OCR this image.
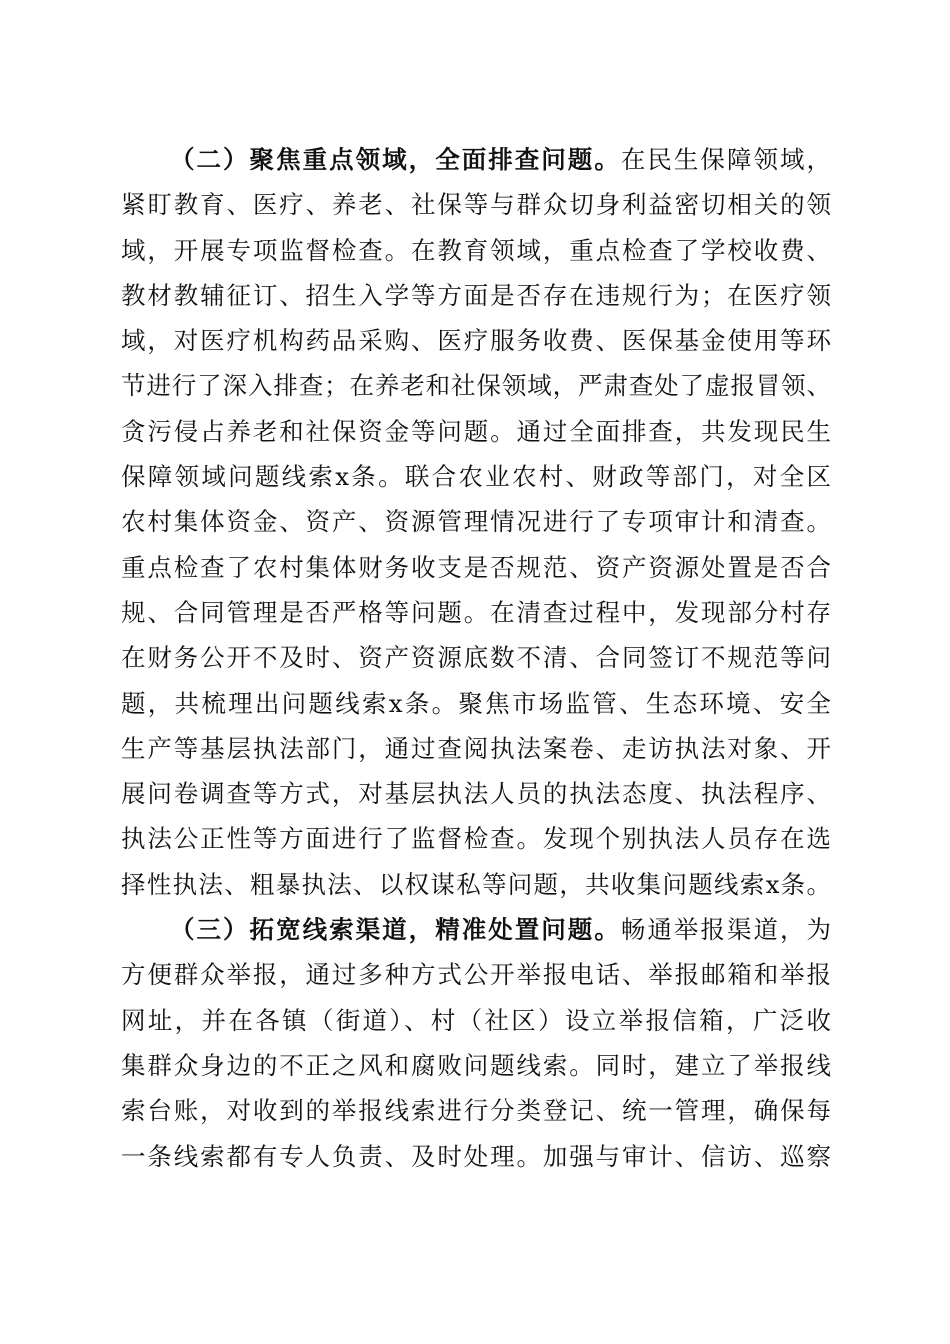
（二）聚焦重点领域，全面排查问题。在民生保障领域，
紧盯教育、医疗、养老、社保等与群众切身利益密切相关的领
域，开展专项监督检查。在教育领域，重点检查了学校收费、
教材教辅征订、招生入学等方面是否存在违规行为；在医疗领
域，对医疗机构药品采购、医疗服务收费、医保基金使用等环
节进行了深入排查；在养老和社保领域，严肃查处了虚报冒领、
贪污侵占养老和社保资金等问题。通过全面排查，共发现民生
保障领域问题线索x条。联合农业农村、财政等部门，对全区
农村集体资金、资产、资源管理情况进行了专项审计和清查。
重点检查了农村集体财务收支是否规范、资产资源处置是否合
规、合同管理是否严格等问题。在清查过程中，发现部分村存
在财务公开不及时、资产资源底数不清、合同签订不规范等问
题，共梳理出问题线索x条。聚焦市场监管、生态环境、安全
生产等基层执法部门，通过查阅执法案卷、走访执法对象、开
展问卷调查等方式，对基层执法人员的执法态度、执法程序、
执法公正性等方面进行了监督检查。发现个别执法人员存在选
择性执法、粗暴执法、以权谋私等问题，共收集问题线索x条。
（三）拓宽线索渠道，精准处置问题。畅通举报渠道，为
方便群众举报，通过多种方式公开举报电话、举报邮箱和举报
网址，并在各镇（街道）、村（社区）设立举报信箱，广泛收
集群众身边的不正之风和腐败问题线索。同时，建立了举报线
索台账，对收到的举报线索进行分类登记、统一管理，确保每
一条线索都有专人负责、及时处理。加强与审计、信访、巡察
